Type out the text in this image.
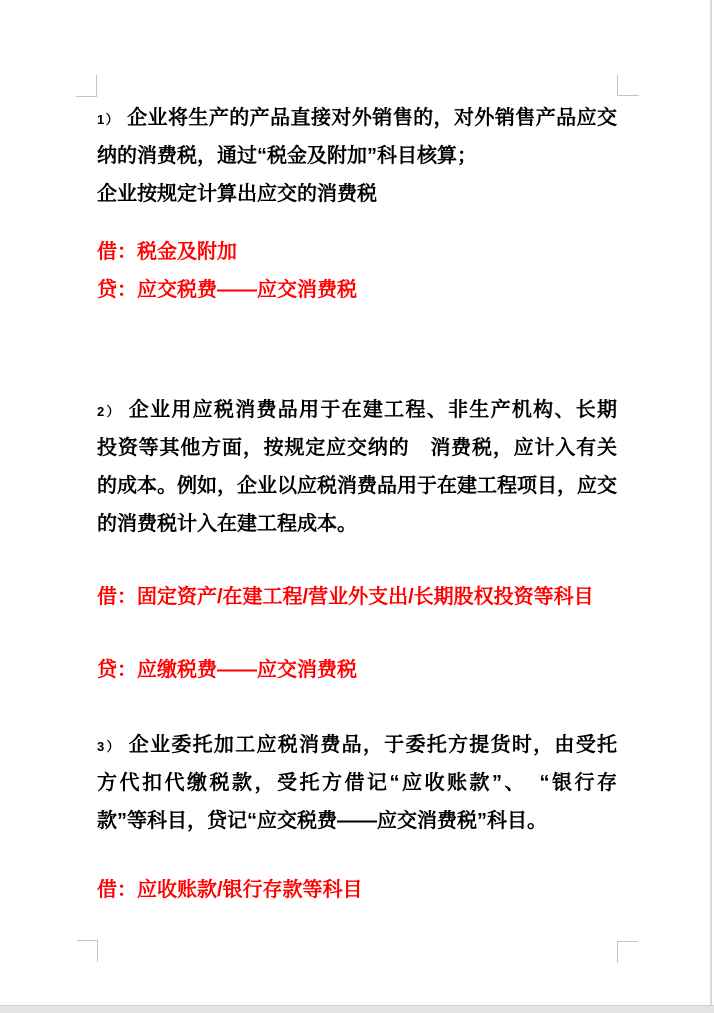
1） 企业将生产的产品直接对外销售的，对外销售产品应交
纳的消费税，通过“税金及附加”科目核算；
企业按规定计算出应交的消费税
借：税金及附加
贷：应交税费——应交消费税
2） 企业用应税消费品用于在建工程、非生产机构、长期
投资等其他方面，按规定应交纳的　消费税，应计入有关
的成本。例如，企业以应税消费品用于在建工程项目，应交
的消费税计入在建工程成本。
借：固定资产/在建工程/营业外支出/长期股权投资等科目
贷：应缴税费——应交消费税
3） 企业委托加工应税消费品，于委托方提货时，由受托
方代扣代缴税款，受托方借记“应收账款”、　“银行存
款”等科目，贷记“应交税费——应交消费税”科目。
借：应收账款/银行存款等科目
